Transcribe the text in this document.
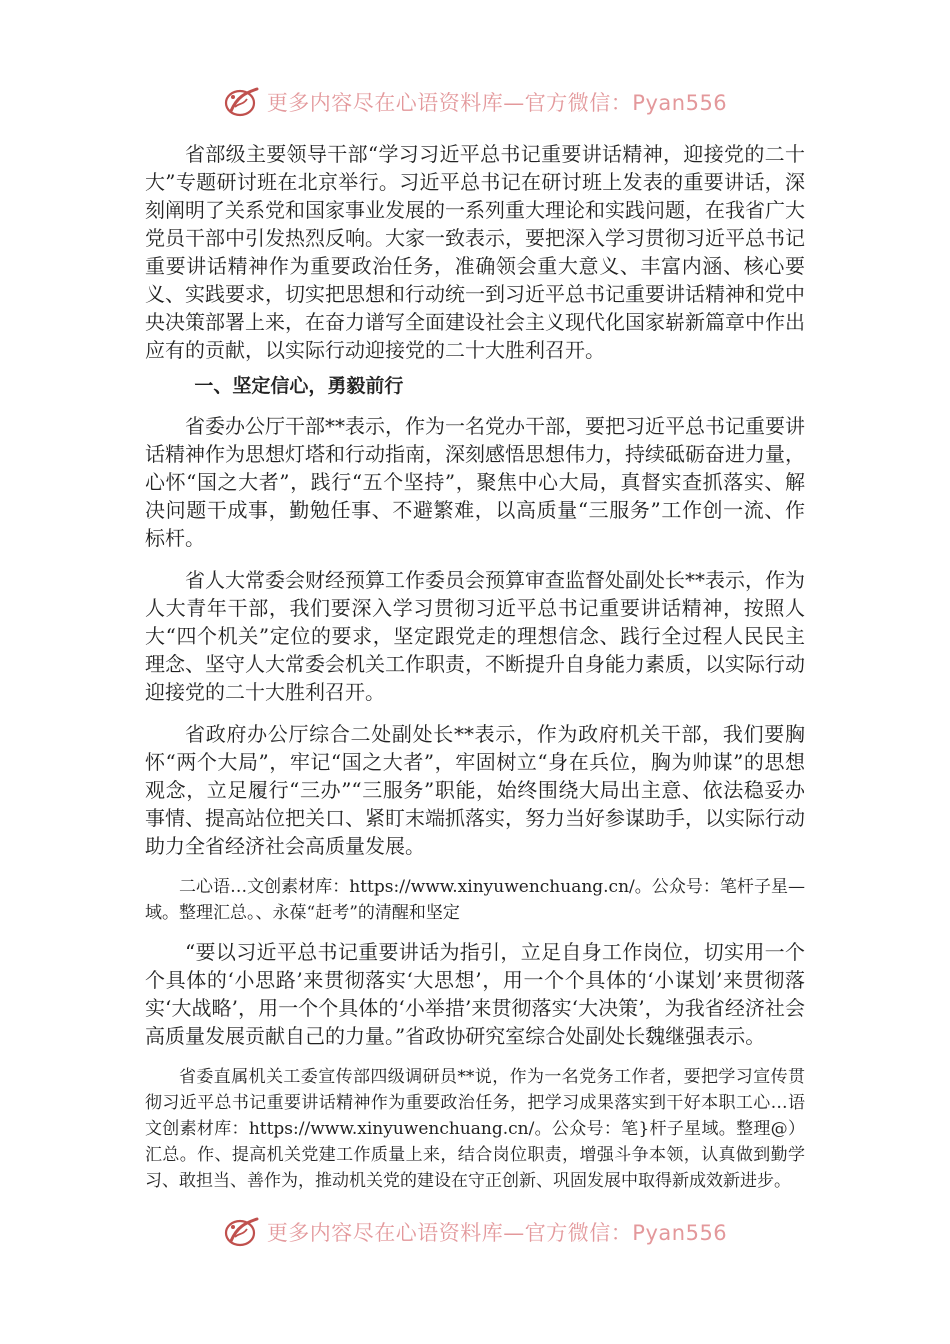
更多内容尽在心语资料库—官方微信：Pyan556

省部级主要领导干部“学习习近平总书记重要讲话精神，迎接党的二十大”专题研讨班在北京举行。习近平总书记在研讨班上发表的重要讲话，深刻阐明了关系党和国家事业发展的一系列重大理论和实践问题，在我省广大党员干部中引发热烈反响。大家一致表示，要把深入学习贯彻习近平总书记重要讲话精神作为重要政治任务，准确领会重大意义、丰富内涵、核心要义、实践要求，切实把思想和行动统一到习近平总书记重要讲话精神和党中央决策部署上来，在奋力谱写全面建设社会主义现代化国家崭新篇章中作出应有的贡献，以实际行动迎接党的二十大胜利召开。

一、坚定信心，勇毅前行

省委办公厅干部**表示，作为一名党办干部，要把习近平总书记重要讲话精神作为思想灯塔和行动指南，深刻感悟思想伟力，持续砥砺奋进力量，心怀“国之大者”，践行“五个坚持”，聚焦中心大局，真督实查抓落实、解决问题干成事，勤勉任事、不避繁难，以高质量“三服务”工作创一流、作标杆。

省人大常委会财经预算工作委员会预算审查监督处副处长**表示，作为人大青年干部，我们要深入学习贯彻习近平总书记重要讲话精神，按照人大“四个机关”定位的要求，坚定跟党走的理想信念、践行全过程人民民主理念、坚守人大常委会机关工作职责，不断提升自身能力素质，以实际行动迎接党的二十大胜利召开。

省政府办公厅综合二处副处长**表示，作为政府机关干部，我们要胸怀“两个大局”，牢记“国之大者”，牢固树立“身在兵位，胸为帅谋”的思想观念，立足履行“三办”“三服务”职能，始终围绕大局出主意、依法稳妥办事情、提高站位把关口、紧盯末端抓落实，努力当好参谋助手，以实际行动助力全省经济社会高质量发展。

二心语…文创素材库：https://www.xinyuwenchuang.cn/。公众号：笔杆子星—域。整理汇总。、永葆“赶考”的清醒和坚定

“要以习近平总书记重要讲话为指引，立足自身工作岗位，切实用一个个具体的‘小思路’来贯彻落实‘大思想’，用一个个具体的‘小谋划’来贯彻落实‘大战略’，用一个个具体的‘小举措’来贯彻落实‘大决策’，为我省经济社会高质量发展贡献自己的力量。”省政协研究室综合处副处长魏继强表示。

省委直属机关工委宣传部四级调研员**说，作为一名党务工作者，要把学习宣传贯彻习近平总书记重要讲话精神作为重要政治任务，把学习成果落实到干好本职工心…语文创素材库：https://www.xinyuwenchuang.cn/。公众号：笔}杆子星域。整理@）汇总。作、提高机关党建工作质量上来，结合岗位职责，增强斗争本领，认真做到勤学习、敢担当、善作为，推动机关党的建设在守正创新、巩固发展中取得新成效新进步。

更多内容尽在心语资料库—官方微信：Pyan556
